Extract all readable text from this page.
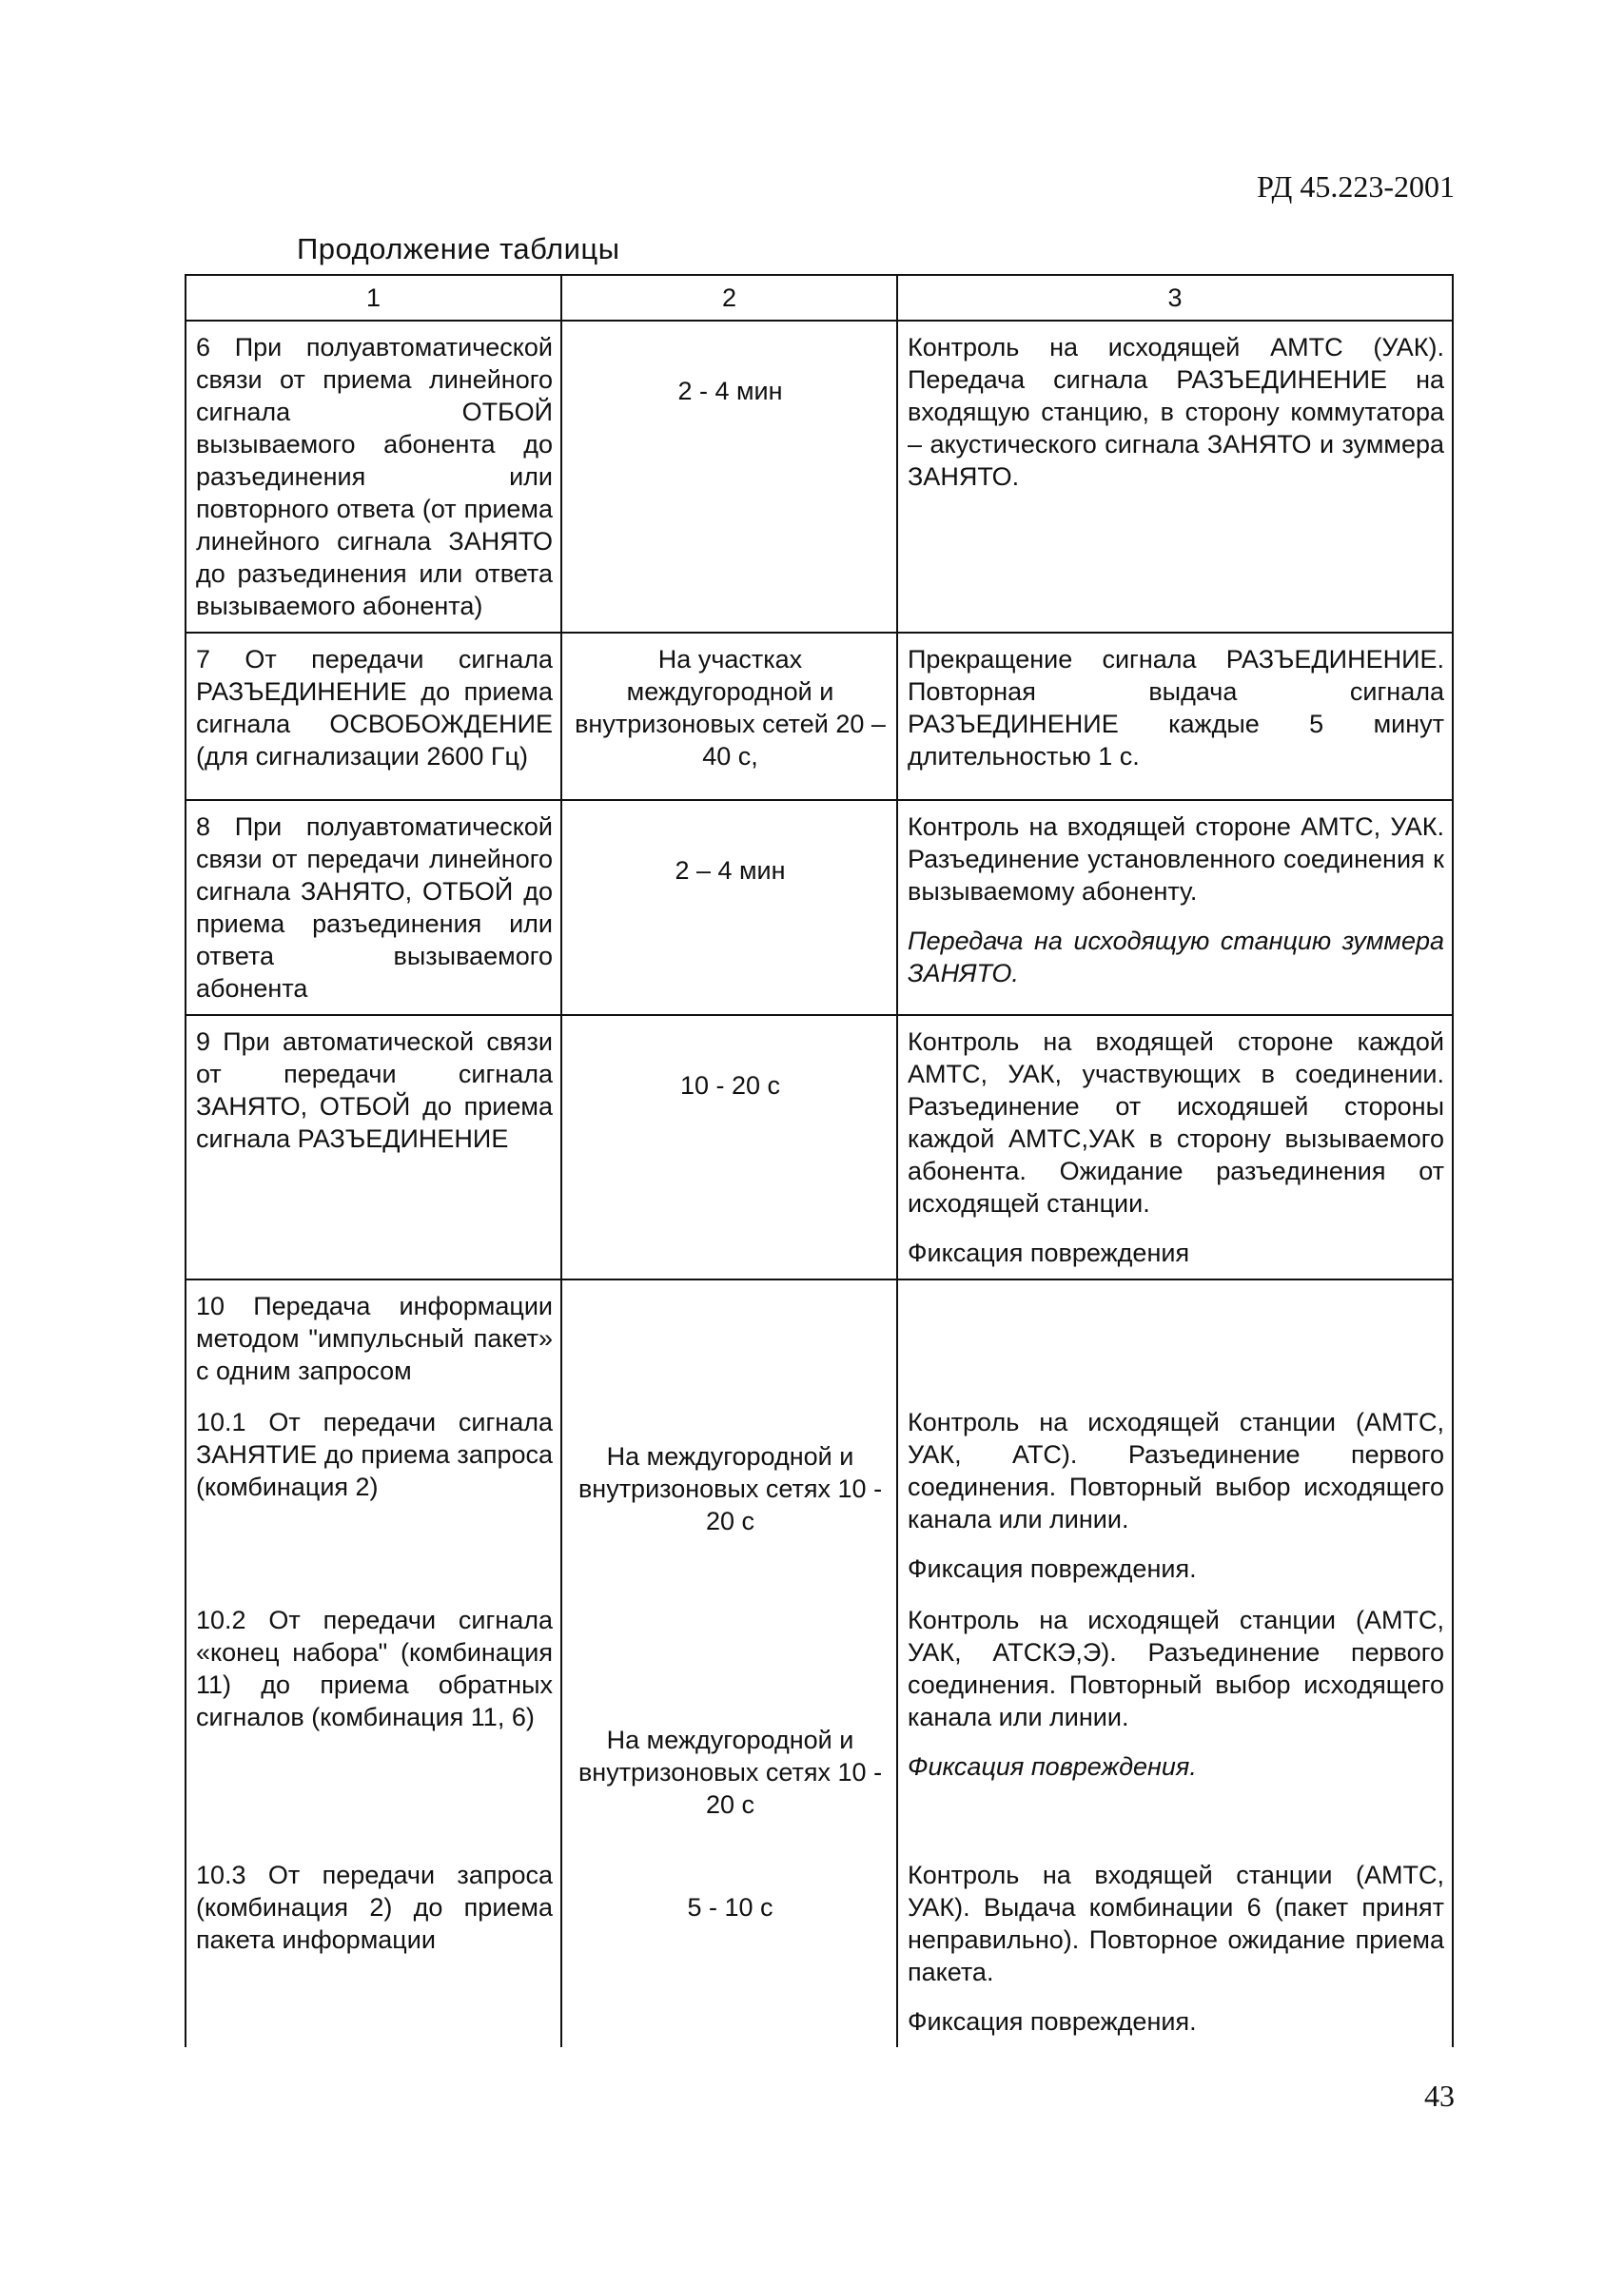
РД 45.223-2001
Продолжение таблицы
1	2	3
6 При полуавтоматической связи от приема линейного сигнала ОТБОЙ вызываемого абонента до разъединения или повторного ответа (от приема линейного сигнала ЗАНЯТО до разъединения или ответа вызываемого абонента)	2 - 4 мин	Контроль на исходящей АМТС (УАК). Передача сигнала РАЗЪЕДИНЕНИЕ на входящую станцию, в сторону коммутатора – акустического сигнала ЗАНЯТО и зуммера ЗАНЯТО.

7 От передачи сигнала РАЗЪЕДИНЕНИЕ до приема сигнала ОСВОБОЖДЕНИЕ (для сигнализации 2600 Гц)	На участках междугородной и внутризоновых сетей 20 – 40 с,	Прекращение сигнала РАЗЪЕДИНЕНИЕ. Повторная выдача сигнала РАЗЪЕДИНЕНИЕ каждые 5 минут длительностью 1 с.

8 При полуавтоматической связи от передачи линейного сигнала ЗАНЯТО, ОТБОЙ до приема разъединения или ответа вызываемого абонента	2 – 4 мин	Контроль на входящей стороне АМТС, УАК. Разъединение установленного соединения к вызываемому абоненту.
Передача на исходящую станцию зуммера ЗАНЯТО.

9 При автоматической связи от передачи сигнала ЗАНЯТО, ОТБОЙ до приема сигнала РАЗЪЕДИНЕНИЕ	10 - 20 с	Контроль на входящей стороне каждой АМТС, УАК, участвующих в соединении. Разъединение от исходяшей стороны каждой АМТС,УАК в сторону вызываемого абонента. Ожидание разъединения от исходящей станции.
Фиксация повреждения

10 Передача информации методом "импульсный пакет» с одним запросом		
10.1 От передачи сигнала ЗАНЯТИЕ до приема запроса (комбинация 2)	На междугородной и внутризоновых сетях 10 - 20 с	Контроль на исходящей станции (АМТС, УАК, АТС). Разъединение первого соединения. Повторный выбор исходящего канала или линии.
Фиксация повреждения.

10.2 От передачи сигнала «конец набора" (комбинация 11) до приема обратных сигналов (комбинация 11, 6)	На междугородной и внутризоновых сетях 10 - 20 с	Контроль на исходящей станции (АМТС, УАК, АТСКЭ,Э). Разъединение первого соединения. Повторный выбор исходящего канала или линии.
Фиксация повреждения.

10.3 От передачи запроса (комбинация 2) до приема пакета информации	5 - 10 с	Контроль на входящей станции (АМТС, УАК). Выдача комбинации 6 (пакет принят неправильно). Повторное ожидание приема пакета.
Фиксация повреждения.
43
